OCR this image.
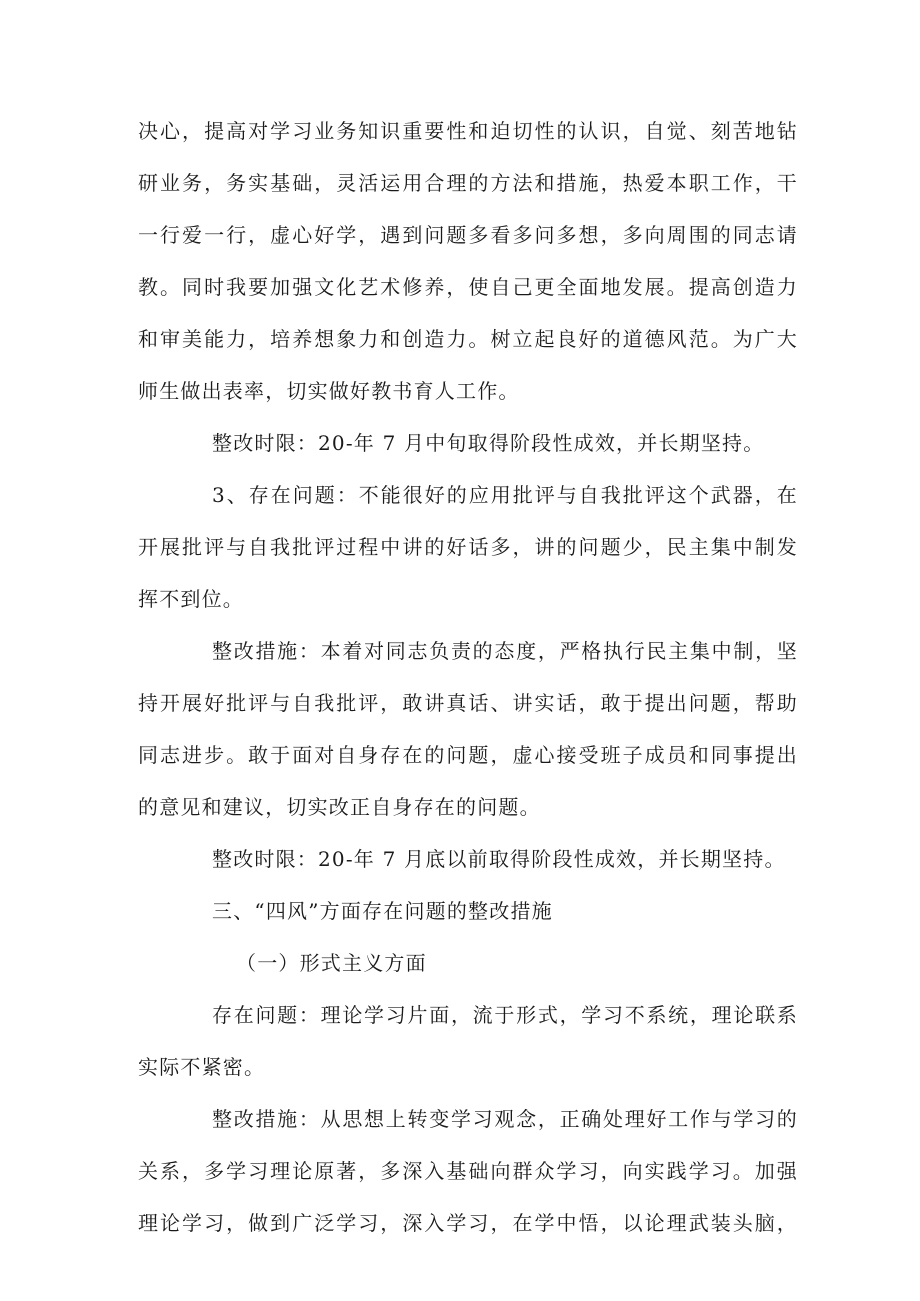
决心，提高对学习业务知识重要性和迫切性的认识，自觉、刻苦地钻

研业务，务实基础，灵活运用合理的方法和措施，热爱本职工作，干

一行爱一行，虚心好学，遇到问题多看多问多想，多向周围的同志请

教。同时我要加强文化艺术修养，使自己更全面地发展。提高创造力

和审美能力，培养想象力和创造力。树立起良好的道德风范。为广大

师生做出表率，切实做好教书育人工作。

整改时限：20-年 7 月中旬取得阶段性成效，并长期坚持。

3、存在问题：不能很好的应用批评与自我批评这个武器，在

开展批评与自我批评过程中讲的好话多，讲的问题少，民主集中制发

挥不到位。

整改措施：本着对同志负责的态度，严格执行民主集中制，坚

持开展好批评与自我批评，敢讲真话、讲实话，敢于提出问题，帮助

同志进步。敢于面对自身存在的问题，虚心接受班子成员和同事提出

的意见和建议，切实改正自身存在的问题。

整改时限：20-年 7 月底以前取得阶段性成效，并长期坚持。

三、“四风”方面存在问题的整改措施

（一）形式主义方面

存在问题：理论学习片面，流于形式，学习不系统，理论联系

实际不紧密。

整改措施：从思想上转变学习观念，正确处理好工作与学习的

关系，多学习理论原著，多深入基础向群众学习，向实践学习。加强

理论学习，做到广泛学习，深入学习，在学中悟，以论理武装头脑，
